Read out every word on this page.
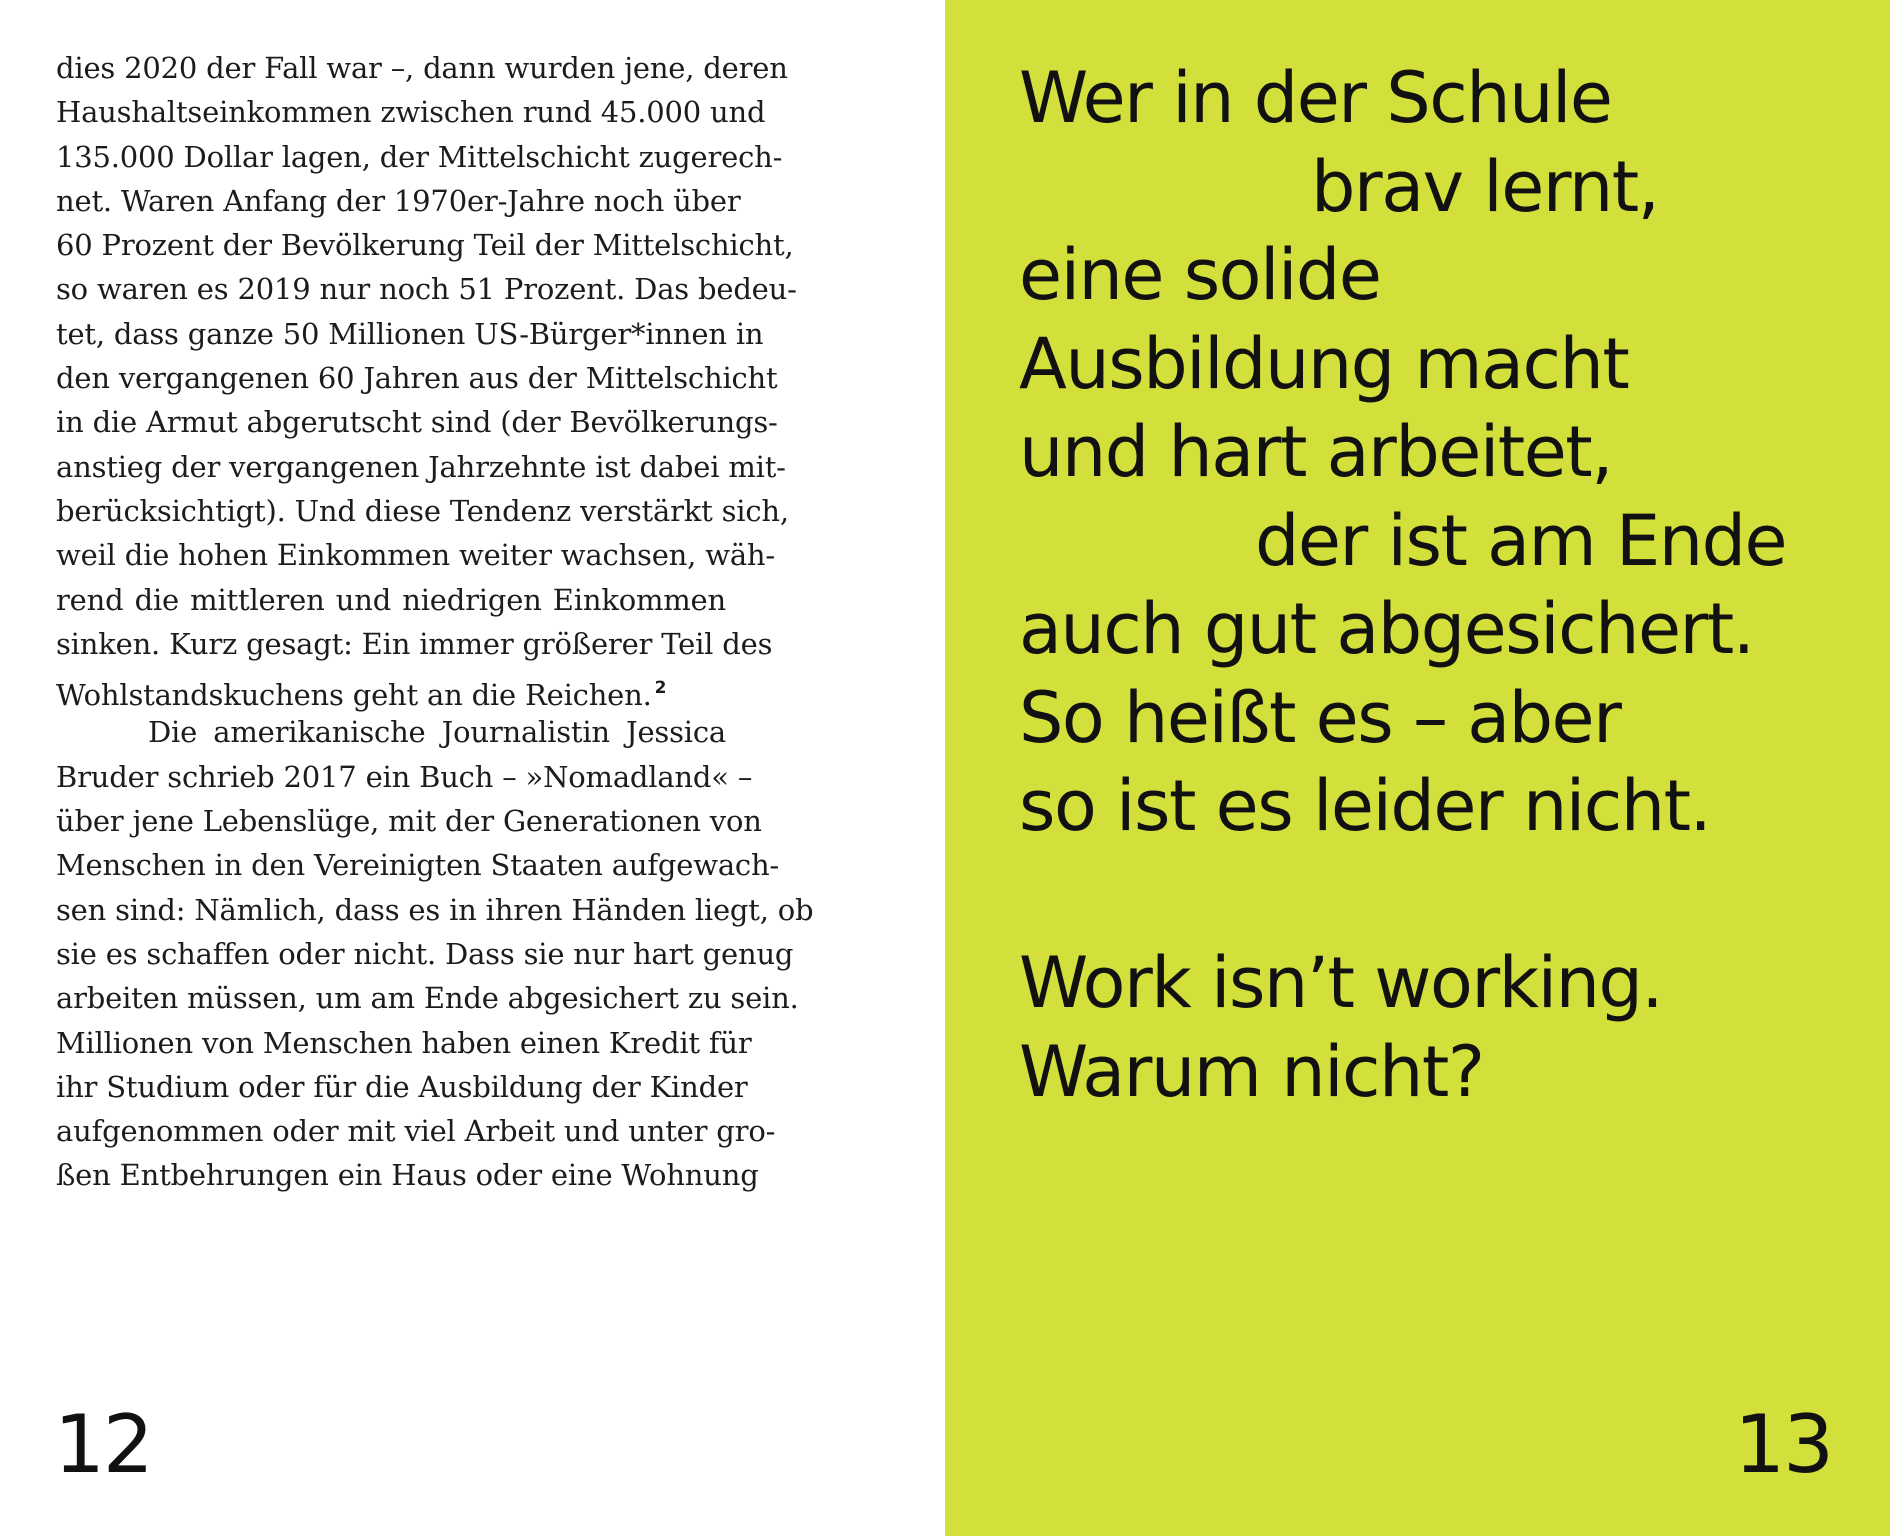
dies 2020 der Fall war –, dann wurden jene, deren
Haushaltseinkommen zwischen rund 45.000 und
135.000 Dollar lagen, der Mittelschicht zugerech-
net. Waren Anfang der 1970er-Jahre noch über
60 Prozent der Bevölkerung Teil der Mittelschicht,
so waren es 2019 nur noch 51 Prozent. Das bedeu-
tet, dass ganze 50 Millionen US-Bürger*innen in
den vergangenen 60 Jahren aus der Mittelschicht
in die Armut abgerutscht sind (der Bevölkerungs-
anstieg der vergangenen Jahrzehnte ist dabei mit-
berücksichtigt). Und diese Tendenz verstärkt sich,
weil die hohen Einkommen weiter wachsen, wäh-
rend die mittleren und niedrigen Einkommen
sinken. Kurz gesagt: Ein immer größerer Teil des
Wohlstandskuchens geht an die Reichen. $^2$
Die amerikanische Journalistin Jessica
Bruder schrieb 2017 ein Buch – »Nomadland« –
über jene Lebenslüge, mit der Generationen von
Menschen in den Vereinigten Staaten aufgewach-
sen sind: Nämlich, dass es in ihren Händen liegt, ob
sie es schaffen oder nicht. Dass sie nur hart genug
arbeiten müssen, um am Ende abgesichert zu sein.
Millionen von Menschen haben einen Kredit für
ihr Studium oder für die Ausbildung der Kinder
aufgenommen oder mit viel Arbeit und unter gro-
ßen Entbehrungen ein Haus oder eine Wohnung
12
Wer in der Schule
brav lernt,
eine solide
Ausbildung macht
und hart arbeitet,
der ist am Ende
auch gut abgesichert.
So heißt es – aber
so ist es leider nicht.
Work isn’t working.
Warum nicht?
13
